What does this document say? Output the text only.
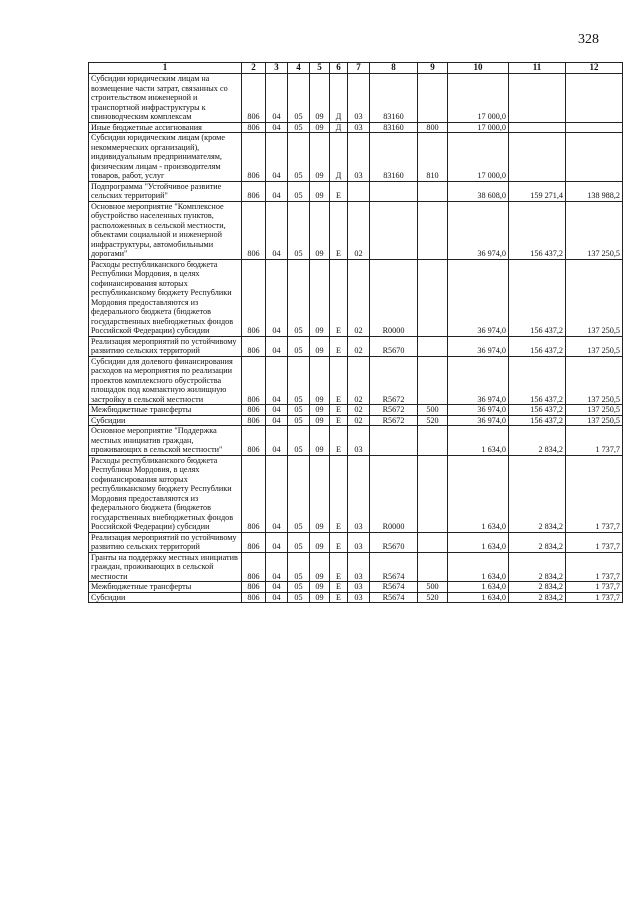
328
1	2	3	4	5	6	7	8	9	10	11	12
Субсидии юридическим лицам на возмещение части затрат, связанных со строительством инженерной и транспортной инфраструктуры к свиноводческим комплексам	806	04	05	09	Д	03	83160		17 000,0		
Иные бюджетные ассигнования	806	04	05	09	Д	03	83160	800	17 000,0		
Субсидии юридическим лицам (кроме некоммерческих организаций), индивидуальным предпринимателям, физическим лицам - производителям товаров, работ, услуг	806	04	05	09	Д	03	83160	810	17 000,0		
Подпрограмма "Устойчивое развитие сельских территорий"	806	04	05	09	Е				38 608,0	159 271,4	138 988,2
Основное мероприятие "Комплексное обустройство населенных пунктов, расположенных в сельской местности, объектами социальной и инженерной инфраструктуры, автомобильными дорогами"	806	04	05	09	Е	02			36 974,0	156 437,2	137 250,5
Расходы республиканского бюджета Республики Мордовия, в целях софинансирования которых республиканскому бюджету Республики Мордовия предоставляются из федерального бюджета (бюджетов государственных внебюджетных фондов Российской Федерации) субсидии	806	04	05	09	Е	02	R0000		36 974,0	156 437,2	137 250,5
Реализация мероприятий по устойчивому развитию сельских территорий	806	04	05	09	Е	02	R5670		36 974,0	156 437,2	137 250,5
Субсидии для долевого финансирования расходов на мероприятия по реализации проектов комплексного обустройства площадок под компактную жилищную застройку в сельской местности	806	04	05	09	Е	02	R5672		36 974,0	156 437,2	137 250,5
Межбюджетные трансферты	806	04	05	09	Е	02	R5672	500	36 974,0	156 437,2	137 250,5
Субсидии	806	04	05	09	Е	02	R5672	520	36 974,0	156 437,2	137 250,5
Основное мероприятие "Поддержка местных инициатив граждан, проживающих в сельской местности"	806	04	05	09	Е	03			1 634,0	2 834,2	1 737,7
Расходы республиканского бюджета Республики Мордовия, в целях софинансирования которых республиканскому бюджету Республики Мордовия предоставляются из федерального бюджета (бюджетов государственных внебюджетных фондов Российской Федерации) субсидии	806	04	05	09	Е	03	R0000		1 634,0	2 834,2	1 737,7
Реализация мероприятий по устойчивому развитию сельских территорий	806	04	05	09	Е	03	R5670		1 634,0	2 834,2	1 737,7
Гранты на поддержку местных инициатив граждан, проживающих в сельской местности	806	04	05	09	Е	03	R5674		1 634,0	2 834,2	1 737,7
Межбюджетные трансферты	806	04	05	09	Е	03	R5674	500	1 634,0	2 834,2	1 737,7
Субсидии	806	04	05	09	Е	03	R5674	520	1 634,0	2 834,2	1 737,7
